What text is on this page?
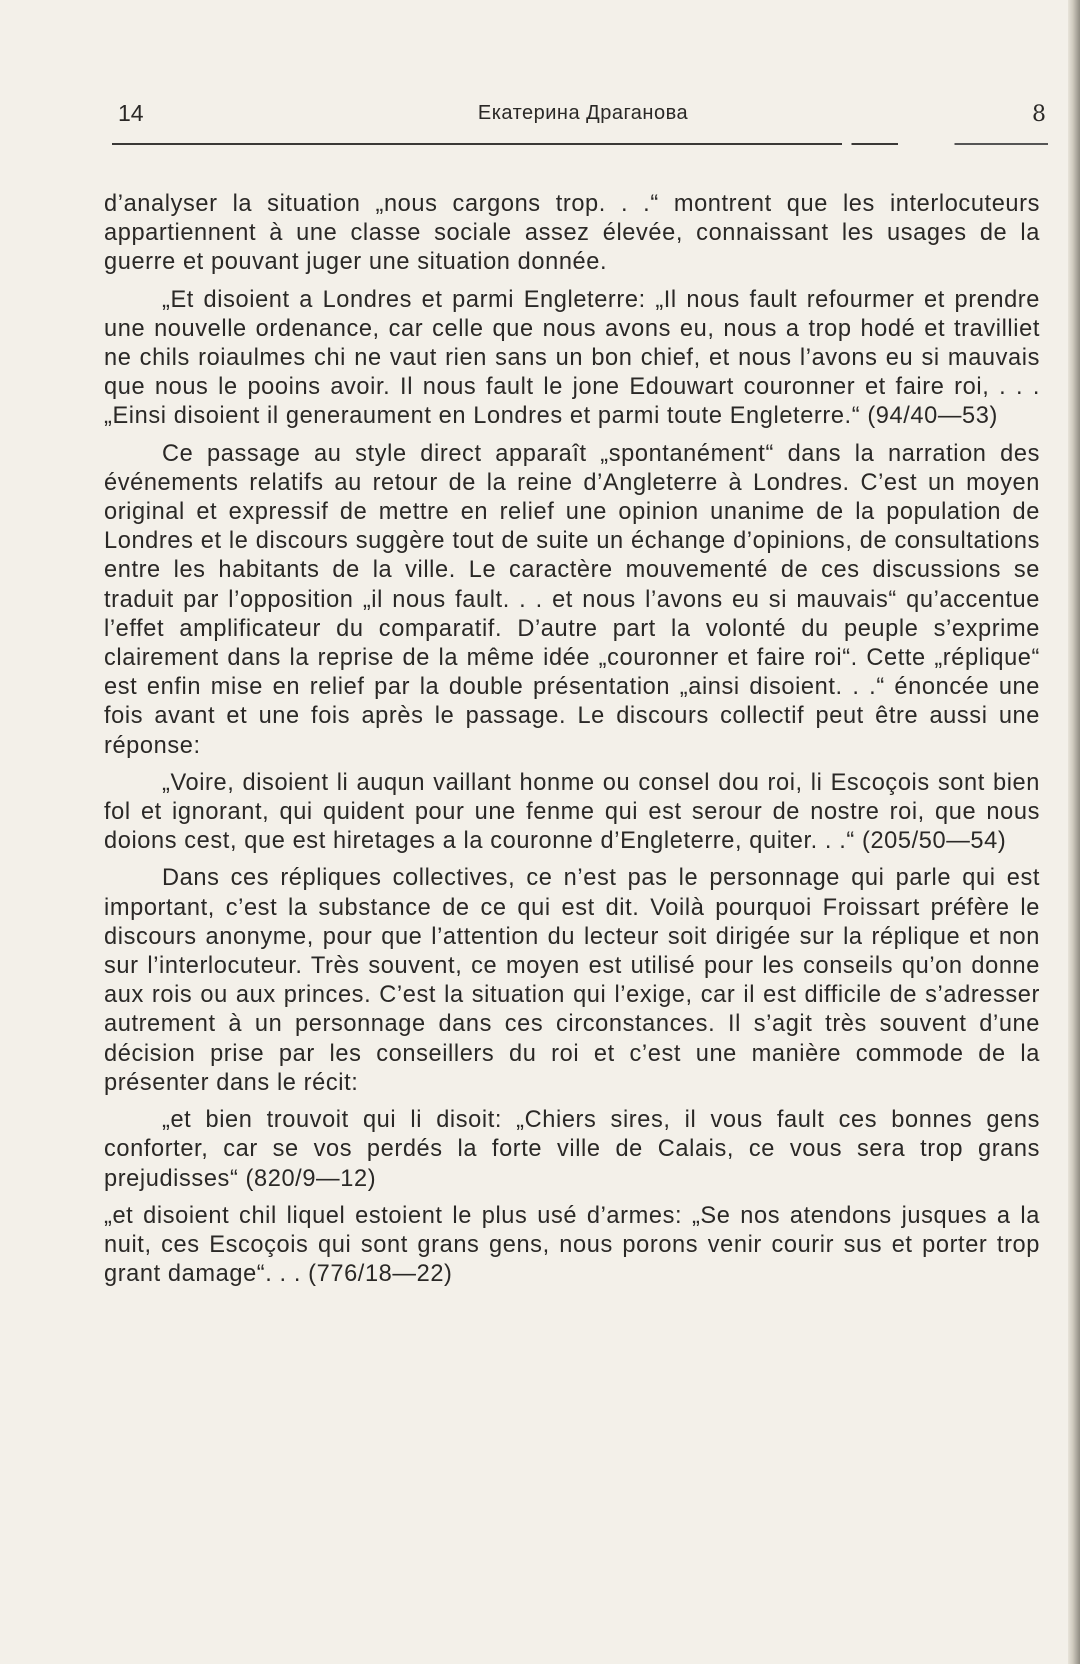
14	Екатерина Драганова	8

d’analyser la situation „nous cargons trop. . .“ montrent que les interlocuteurs appartiennent à une classe sociale assez élevée, connaissant les usages de la guerre et pouvant juger une situation donnée.

„Et disoient a Londres et parmi Engleterre: „Il nous fault refourmer et prendre une nouvelle ordenance, car celle que nous avons eu, nous a trop hodé et travilliet ne chils roiaulmes chi ne vaut rien sans un bon chief, et nous l’avons eu si mauvais que nous le pooins avoir. Il nous fault le jone Edouwart couronner et faire roi, . . . „Einsi disoient il generaument en Londres et parmi toute Engleterre.“ (94/40—53)

Ce passage au style direct apparaît „spontanément“ dans la narration des événements relatifs au retour de la reine d’Angleterre à Londres. C’est un moyen original et expressif de mettre en relief une opinion unanime de la population de Londres et le discours suggère tout de suite un échange d’opinions, de consultations entre les habitants de la ville. Le caractère mouvementé de ces discussions se traduit par l’opposition „il nous fault. . . et nous l’avons eu si mauvais“ qu’accentue l’effet amplificateur du comparatif. D’autre part la volonté du peuple s’exprime clairement dans la reprise de la même idée „couronner et faire roi“. Cette „réplique“ est enfin mise en relief par la double présentation „ainsi disoient. . .“ énoncée une fois avant et une fois après le passage. Le discours collectif peut être aussi une réponse:

„Voire, disoient li auqun vaillant honme ou consel dou roi, li Escoçois sont bien fol et ignorant, qui quident pour une fenme qui est serour de nostre roi, que nous doions cest, que est hiretages a la couronne d’Engleterre, quiter. . .“ (205/50—54)

Dans ces répliques collectives, ce n’est pas le personnage qui parle qui est important, c’est la substance de ce qui est dit. Voilà pourquoi Froissart préfère le discours anonyme, pour que l’attention du lecteur soit dirigée sur la réplique et non sur l’interlocuteur. Très souvent, ce moyen est utilisé pour les conseils qu’on donne aux rois ou aux princes. C’est la situation qui l’exige, car il est difficile de s’adresser autrement à un personnage dans ces circonstances. Il s’agit très souvent d’une décision prise par les conseillers du roi et c’est une manière commode de la présenter dans le récit:

„et bien trouvoit qui li disoit: „Chiers sires, il vous fault ces bonnes gens conforter, car se vos perdés la forte ville de Calais, ce vous sera trop grans prejudisses“ (820/9—12)

„et disoient chil liquel estoient le plus usé d’armes: „Se nos atendons jusques a la nuit, ces Escoçois qui sont grans gens, nous porons venir courir sus et porter trop grant damage“. . . (776/18—22)
